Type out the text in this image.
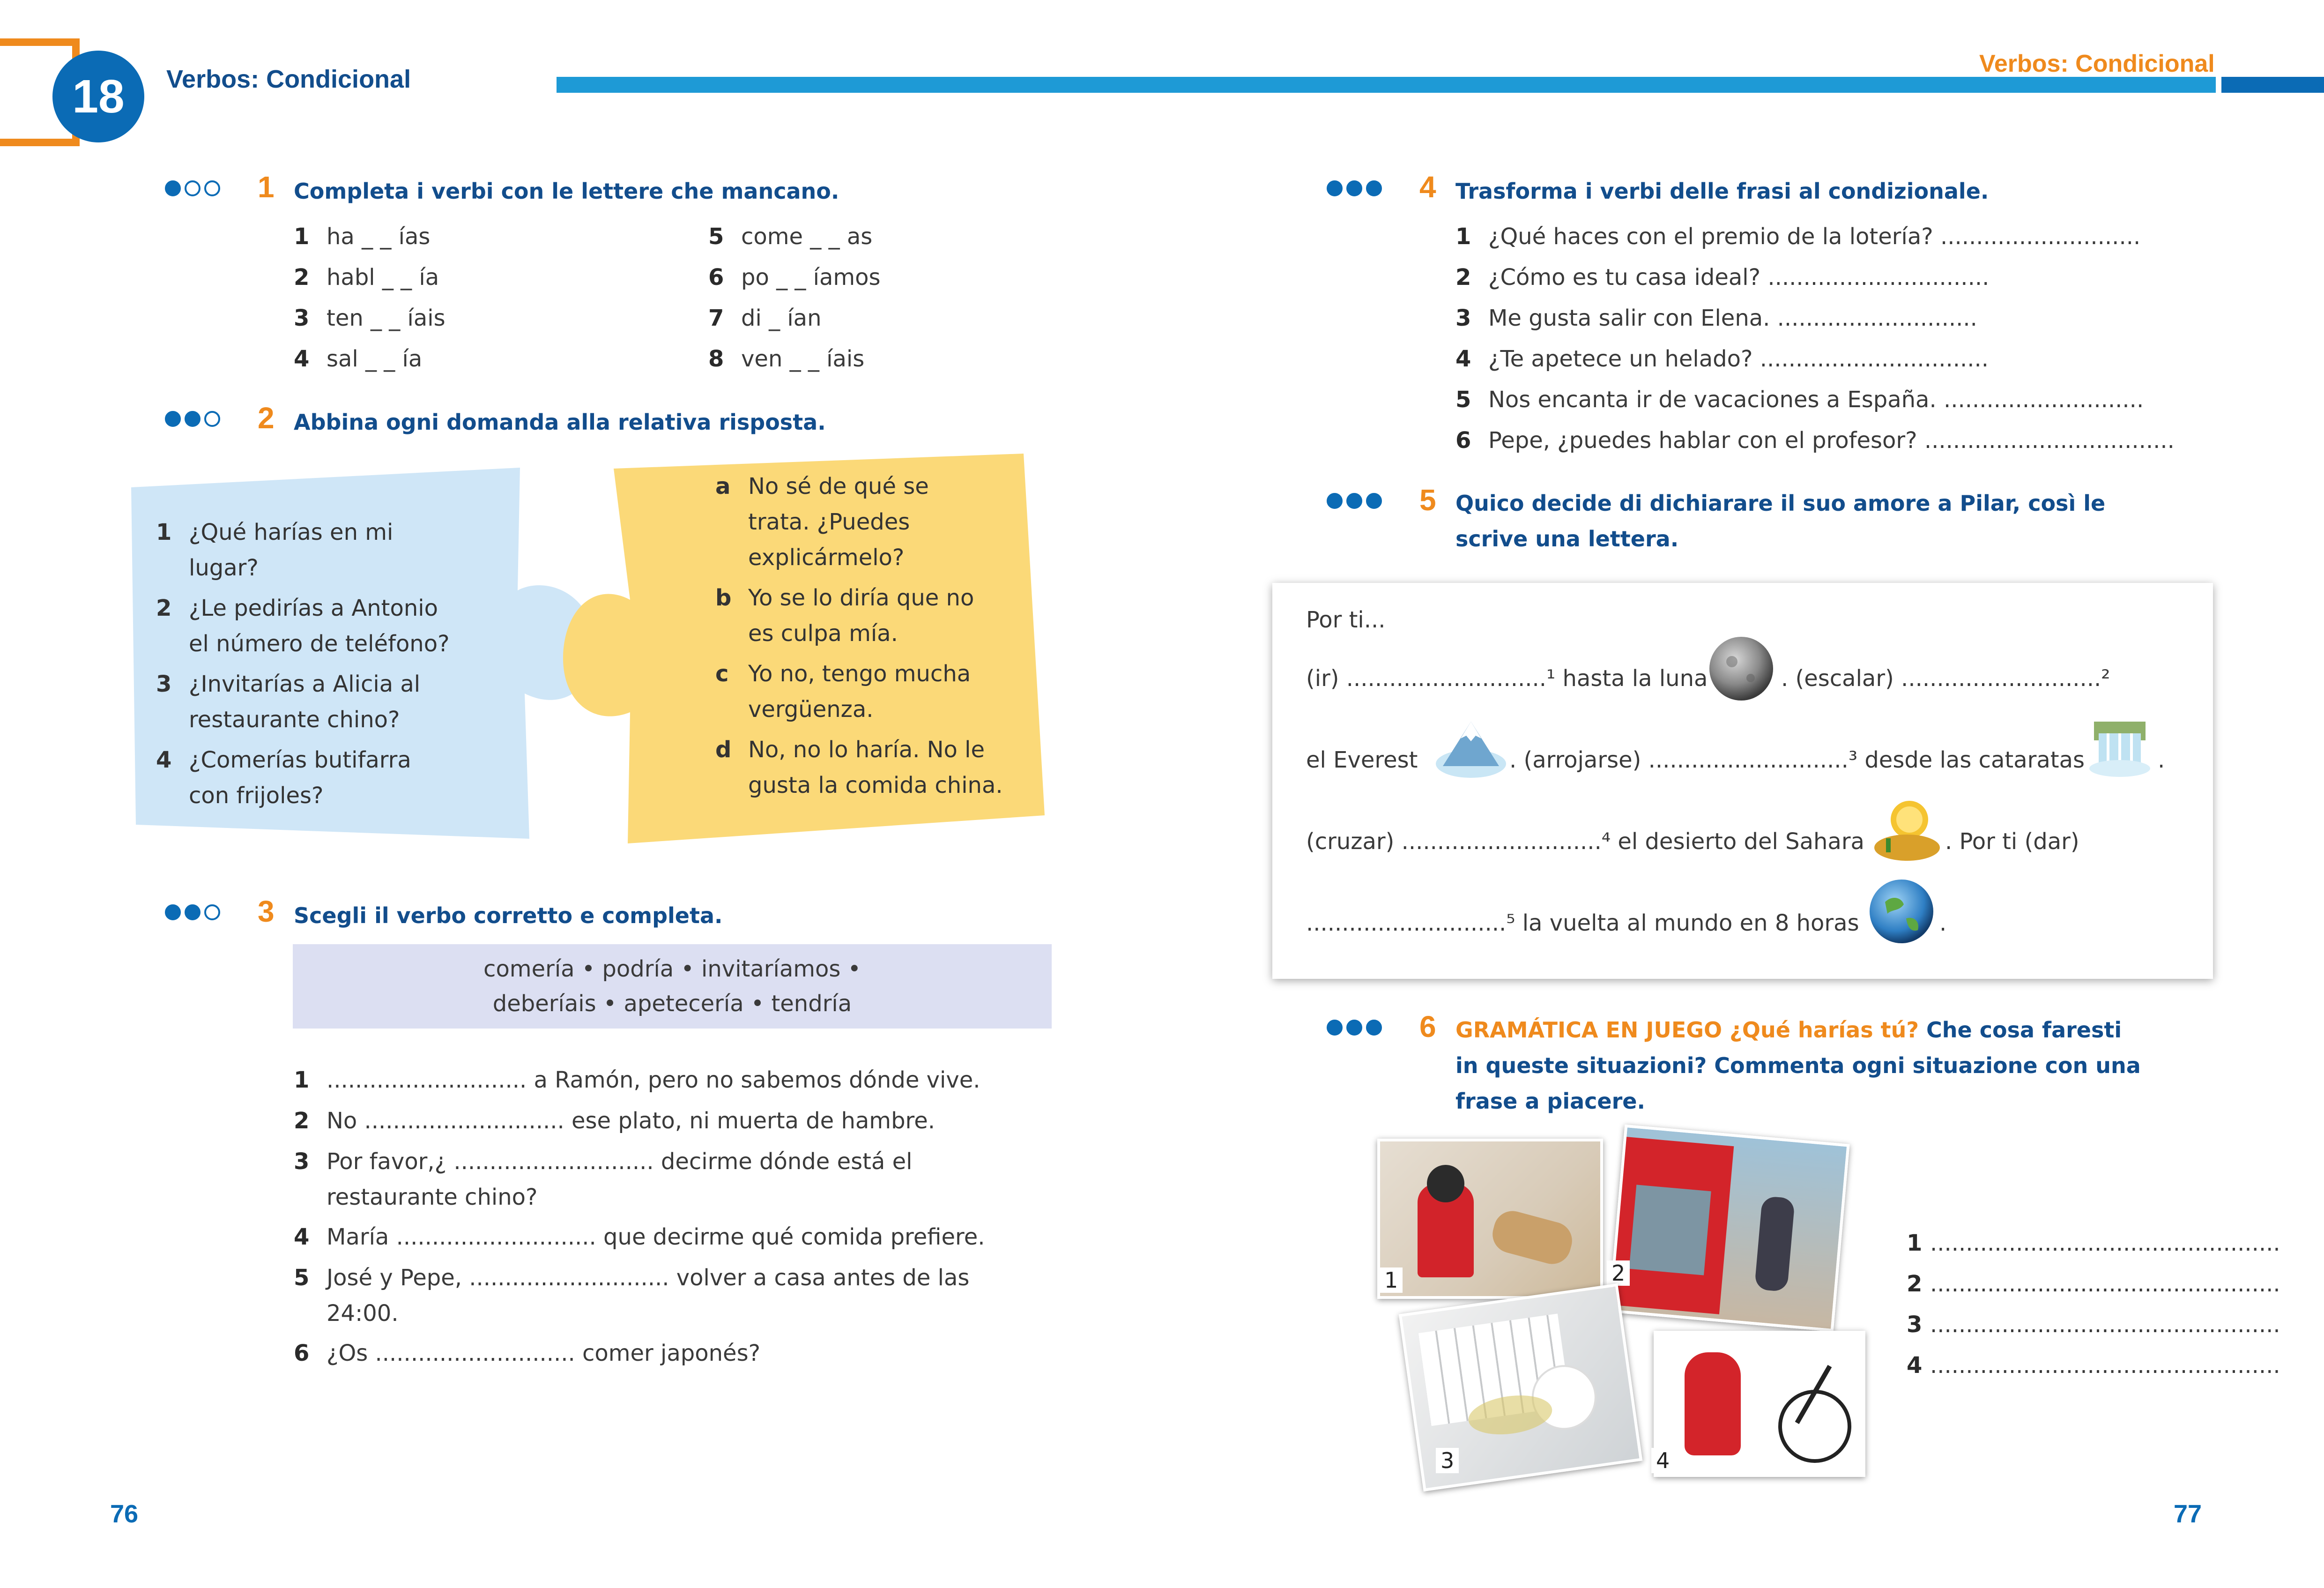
18	Verbos: Condicional
Verbos: Condicional
1 Completa i verbi con le lettere che mancano.
1 ha _ _ ías
2 habl _ _ ía
3 ten _ _ íais
4 sal _ _ ía
5 come _ _ as
6 po _ _ íamos
7 di _ ían
8 ven _ _ íais
2 Abbina ogni domanda alla relativa risposta.
1 ¿Qué harías en mi
lugar?
2 ¿Le pedirías a Antonio
el número de teléfono?
3 ¿Invitarías a Alicia al
restaurante chino?
4 ¿Comerías butifarra
con frijoles?
a No sé de qué se
trata. ¿Puedes
explicármelo?
b Yo se lo diría que no
es culpa mía.
c Yo no, tengo mucha
vergüenza.
d No, no lo haría. No le
gusta la comida china.
3 Scegli il verbo corretto e completa.
comería • podría • invitaríamos •
deberíais • apetecería • tendría
1 ............................ a Ramón, pero no sabemos dónde vive.
2 No ............................ ese plato, ni muerta de hambre.
3 Por favor,¿ ............................ decirme dónde está el
restaurante chino?
4 María ............................ que decirme qué comida prefiere.
5 José y Pepe, ............................ volver a casa antes de las
24:00.
6 ¿Os ............................ comer japonés?
4 Trasforma i verbi delle frasi al condizionale.
1 ¿Qué haces con el premio de la lotería? ............................
2 ¿Cómo es tu casa ideal? ...............................
3 Me gusta salir con Elena. ............................
4 ¿Te apetece un helado? ................................
5 Nos encanta ir de vacaciones a España. ............................
6 Pepe, ¿puedes hablar con el profesor? ...................................
5 Quico decide di dichiarare il suo amore a Pilar, così le
scrive una lettera.
Por ti...
(ir) ............................¹ hasta la luna	. (escalar) ............................²
el Everest	. (arrojarse) ............................³ desde las cataratas	.
(cruzar) ............................⁴ el desierto del Sahara	. Por ti (dar)
............................⁵ la vuelta al mundo en 8 horas	.
6 GRAMÁTICA EN JUEGO ¿Qué harías tú? Che cosa faresti
in queste situazioni? Commenta ogni situazione con una
frase a piacere.
1	2
3	4
1 .................................................
2 .................................................
3 .................................................
4 .................................................
76	77
